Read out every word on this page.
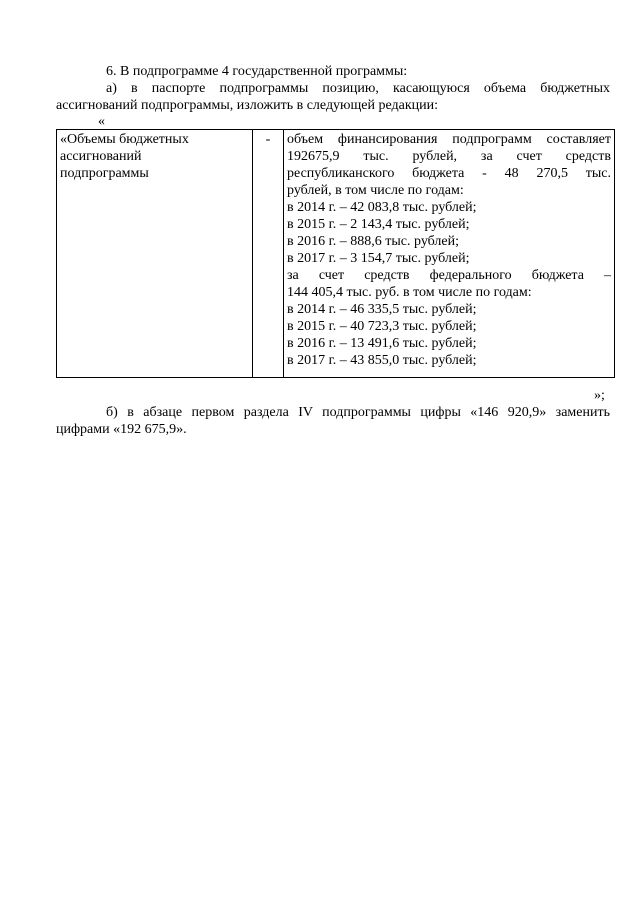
6. В подпрограмме 4 государственной программы:
а) в паспорте подпрограммы позицию, касающуюся объема бюджетных
ассигнований подпрограммы, изложить в следующей редакции:
«
«Объемы бюджетных
ассигнований
подпрограммы
	-	объем финансирования подпрограмм составляет
192675,9 тыс. рублей, за счет средств
республиканского бюджета - 48 270,5 тыс.
рублей, в том числе по годам:
в 2014 г. – 42 083,8 тыс. рублей;
в 2015 г. – 2 143,4 тыс. рублей;
в 2016 г. – 888,6 тыс. рублей;
в 2017 г. – 3 154,7 тыс. рублей;
за счет средств федерального бюджета –
144 405,4 тыс. руб. в том числе по годам:
в 2014 г. – 46 335,5 тыс. рублей;
в 2015 г. – 40 723,3 тыс. рублей;
в 2016 г. – 13 491,6 тыс. рублей;
в 2017 г. – 43 855,0 тыс. рублей;
»;
б) в абзаце первом раздела IV подпрограммы цифры «146 920,9» заменить
цифрами «192 675,9».
